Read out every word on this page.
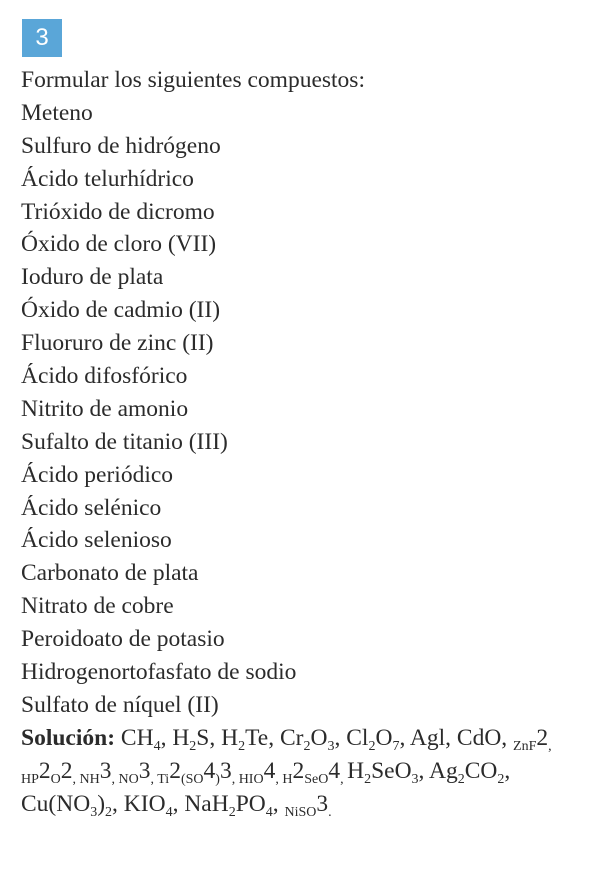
3
Formular los siguientes compuestos:
Meteno
Sulfuro de hidrógeno
Ácido telurhídrico
Trióxido de dicromo
Óxido de cloro (VII)
Ioduro de plata
Óxido de cadmio (II)
Fluoruro de zinc (II)
Ácido difosfórico
Nitrito de amonio
Sufalto de titanio (III)
Ácido periódico
Ácido selénico
Ácido selenioso
Carbonato de plata
Nitrato de cobre
Peroidoato de potasio
Hidrogenortofasfato de sodio
Sulfato de níquel (II)
Solución: $CH_4$, $H_2S$, $H_2Te$, $Cr_2O_3$, $Cl_2O_7$, Agl, CdO, $_{ZnF}2_{, HP}2_O2_{, NH}3_{, NO}3_{, Ti}2_{(SO}4_)3_{, HIO}4_{, H}2_{SeO}4_,$ $H_2SeO_3$, $Ag_2CO_2$, $Cu(NO_3)_2$, $KIO_4$, $NaH_2PO_4$, $_{NiSO}3_.$
